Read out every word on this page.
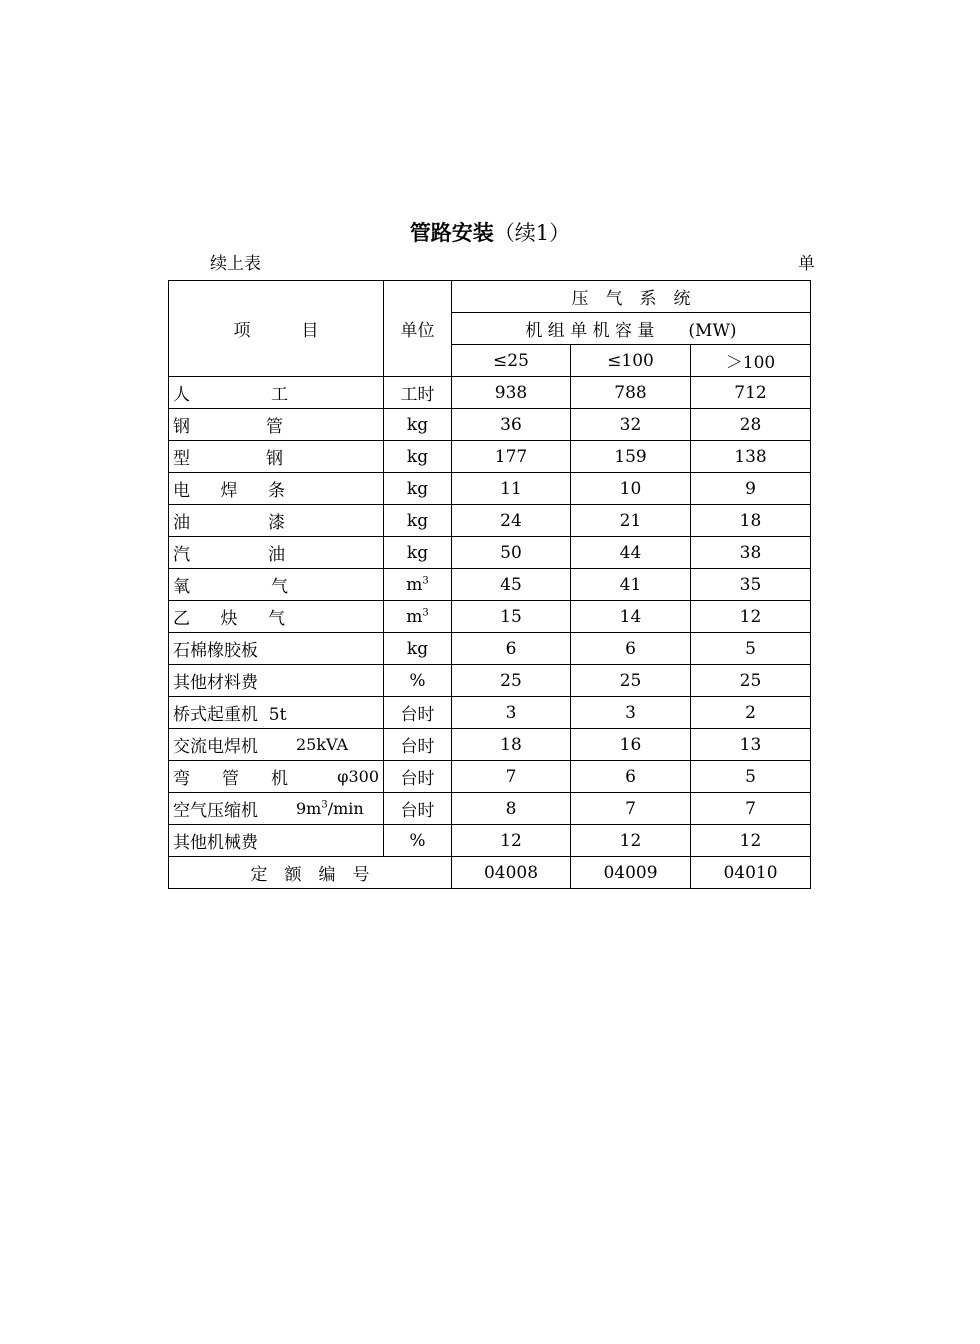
管路安装（续1）
续上表	单
项　　　目	单位	压　气　系　统		
		机 组 单 机 容 量　　(MW)		
		≤25	≤100	＞100

人 工	工时	938	788	712

钢 管	kg	36	32	28

型 钢	kg	177	159	138

电 焊 条	kg	11	10	9

油 漆	kg	24	21	18

汽 油	kg	50	44	38

氧 气	$m^3$	45	41	35

乙 炔 气	$m^3$	15	14	12

石棉橡胶板	kg	6	6	5

其他材料费	%	25	25	25

桥式起重机  5t	台时	3	3	2

交流电焊机 25kVA	台时	18	16	13

弯 管 机 φ300	台时	7	6	5

空气压缩机 $9m^3/\min$	台时	8	7	7

其他机械费	%	12	12	12
定　额　编　号		04008	04009	04010
